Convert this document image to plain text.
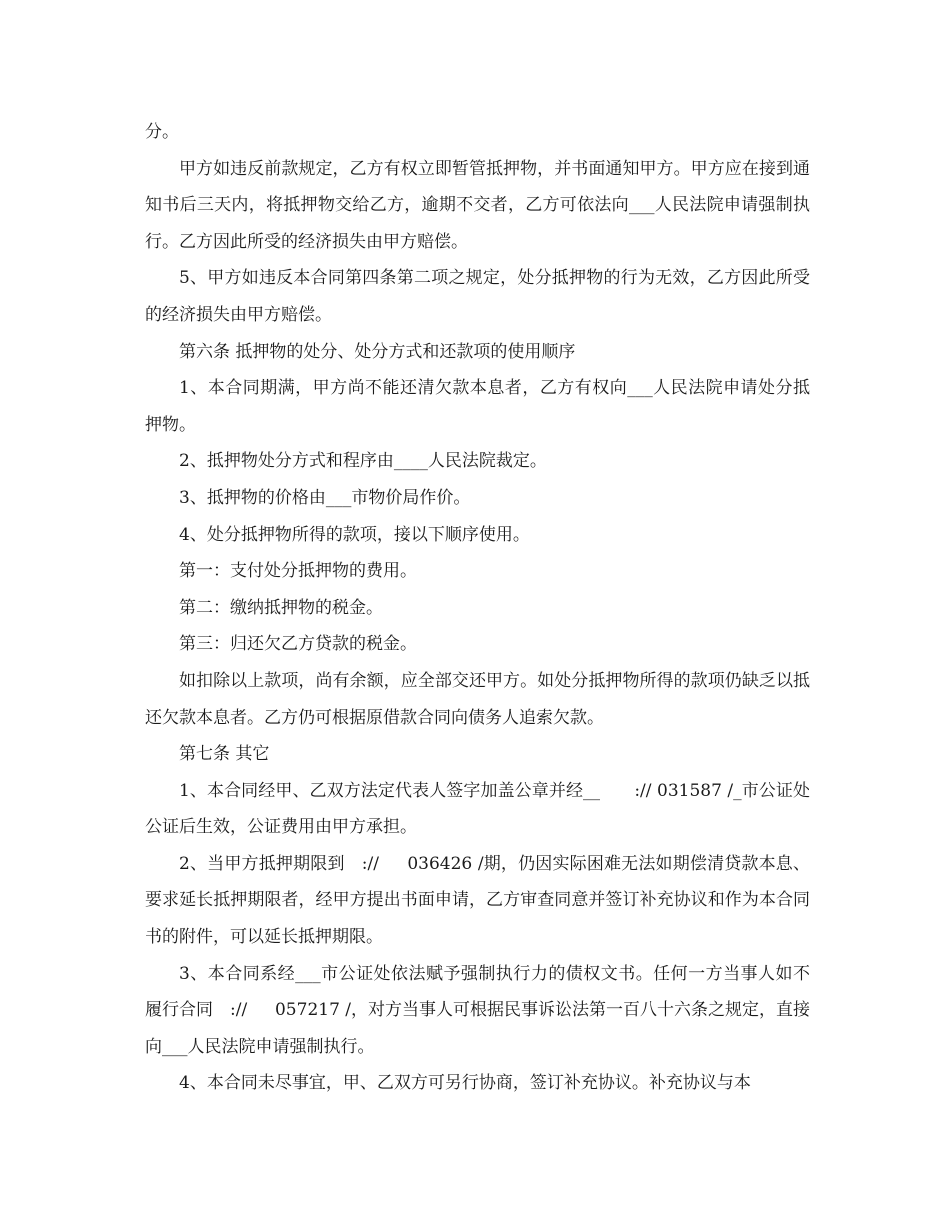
分。

甲方如违反前款规定，乙方有权立即暂管抵押物，并书面通知甲方。甲方应在接到通知书后三天内，将抵押物交给乙方，逾期不交者，乙方可依法向___人民法院申请强制执行。乙方因此所受的经济损失由甲方赔偿。

5、甲方如违反本合同第四条第二项之规定，处分抵押物的行为无效，乙方因此所受的经济损失由甲方赔偿。

第六条 抵押物的处分、处分方式和还款项的使用顺序

1、本合同期满，甲方尚不能还清欠款本息者，乙方有权向___人民法院申请处分抵押物。

2、抵押物处分方式和程序由____人民法院裁定。

3、抵押物的价格由___市物价局作价。

4、处分抵押物所得的款项，接以下顺序使用。

第一：支付处分抵押物的费用。

第二：缴纳抵押物的税金。

第三：归还欠乙方贷款的税金。

如扣除以上款项，尚有余额，应全部交还甲方。如处分抵押物所得的款项仍缺乏以抵还欠款本息者。乙方仍可根据原借款合同向债务人追索欠款。

第七条 其它

1、本合同经甲、乙双方法定代表人签字加盖公章并经__　　:// 031587 /_市公证处公证后生效，公证费用由甲方承担。

2、当甲方抵押期限到　:// 　 036426 /期，仍因实际困难无法如期偿清贷款本息、要求延长抵押期限者，经甲方提出书面申请，乙方审查同意并签订补充协议和作为本合同书的附件，可以延长抵押期限。

3、本合同系经___市公证处依法赋予强制执行力的债权文书。任何一方当事人如不履行合同　:// 　 057217 /，对方当事人可根据民事诉讼法第一百八十六条之规定，直接向___人民法院申请强制执行。

4、本合同未尽事宜，甲、乙双方可另行协商，签订补充协议。补充协议与本
